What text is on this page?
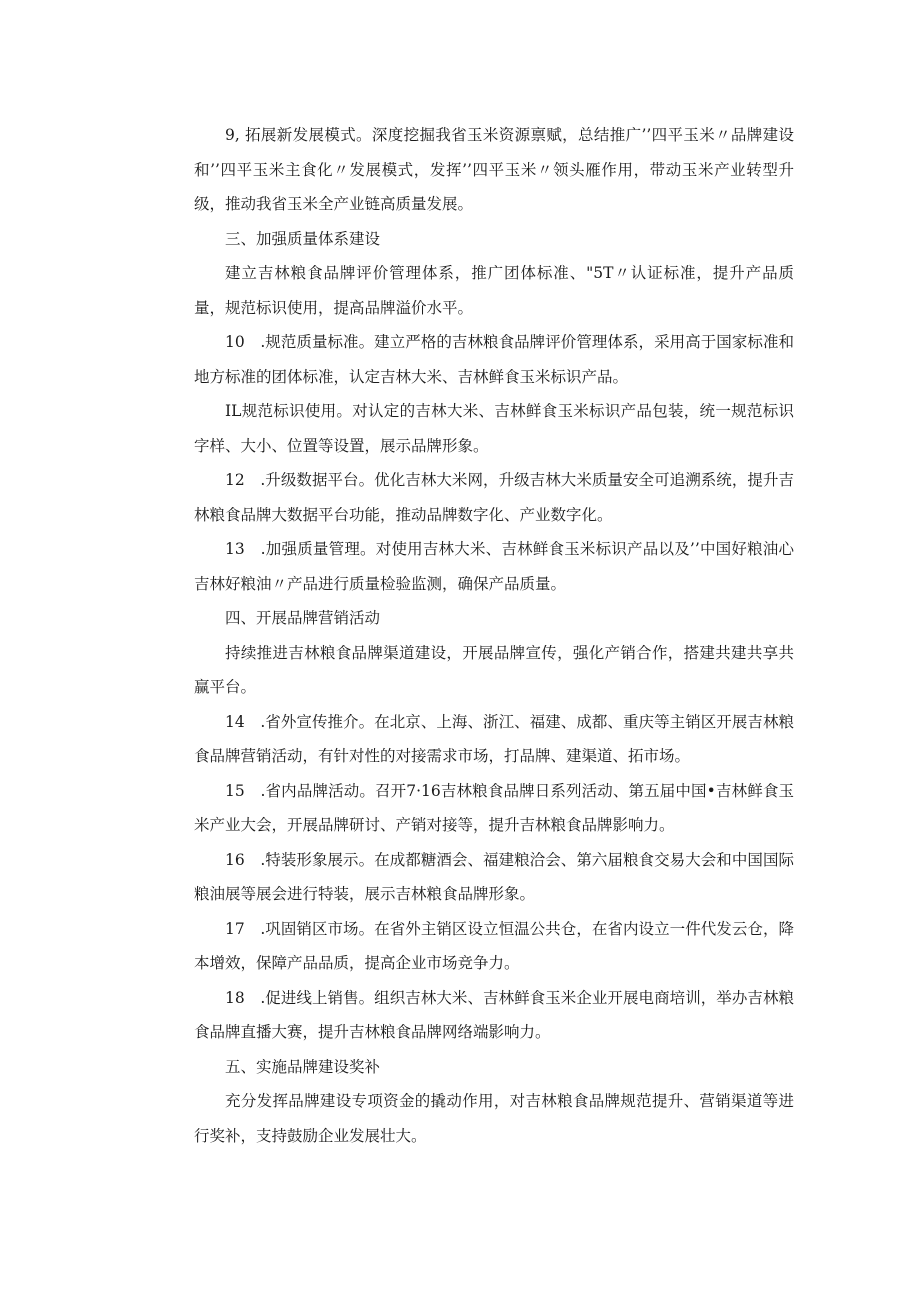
9, 拓展新发展模式。深度挖掘我省玉米资源禀赋，总结推广’’四平玉米〃品牌建设和’’四平玉米主食化〃发展模式，发挥’’四平玉米〃领头雁作用，带动玉米产业转型升级，推动我省玉米全产业链高质量发展。

三、加强质量体系建设

建立吉林粮食品牌评价管理体系，推广团体标准、"5T〃认证标准，提升产品质量，规范标识使用，提高品牌溢价水平。

10　.规范质量标准。建立严格的吉林粮食品牌评价管理体系，采用高于国家标准和地方标准的团体标准，认定吉林大米、吉林鲜食玉米标识产品。

IL规范标识使用。对认定的吉林大米、吉林鲜食玉米标识产品包装，统一规范标识字样、大小、位置等设置，展示品牌形象。

12　.升级数据平台。优化吉林大米网，升级吉林大米质量安全可追溯系统，提升吉林粮食品牌大数据平台功能，推动品牌数字化、产业数字化。

13　.加强质量管理。对使用吉林大米、吉林鲜食玉米标识产品以及’’中国好粮油心吉林好粮油〃产品进行质量检验监测，确保产品质量。

四、开展品牌营销活动

持续推进吉林粮食品牌渠道建设，开展品牌宣传，强化产销合作，搭建共建共享共赢平台。

14　.省外宣传推介。在北京、上海、浙江、福建、成都、重庆等主销区开展吉林粮食品牌营销活动，有针对性的对接需求市场，打品牌、建渠道、拓市场。

15　.省内品牌活动。召开7·16吉林粮食品牌日系列活动、第五届中国•吉林鲜食玉米产业大会，开展品牌研讨、产销对接等，提升吉林粮食品牌影响力。

16　.特装形象展示。在成都糖酒会、福建粮洽会、第六届粮食交易大会和中国国际粮油展等展会进行特装，展示吉林粮食品牌形象。

17　.巩固销区市场。在省外主销区设立恒温公共仓，在省内设立一件代发云仓，降本增效，保障产品品质，提高企业市场竞争力。

18　.促进线上销售。组织吉林大米、吉林鲜食玉米企业开展电商培训，举办吉林粮食品牌直播大赛，提升吉林粮食品牌网络端影响力。

五、实施品牌建设奖补

充分发挥品牌建设专项资金的撬动作用，对吉林粮食品牌规范提升、营销渠道等进行奖补，支持鼓励企业发展壮大。
